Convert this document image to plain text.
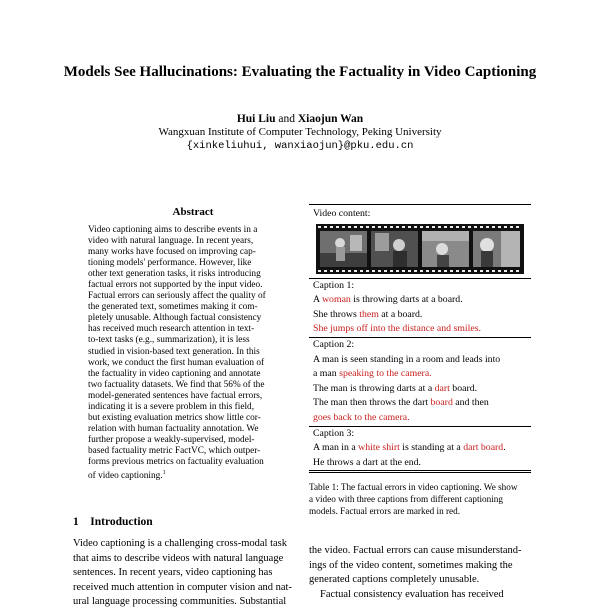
Models See Hallucinations: Evaluating the Factuality in Video Captioning
Hui Liu and Xiaojun Wan
Wangxuan Institute of Computer Technology, Peking University
{xinkeliuhui, wanxiaojun}@pku.edu.cn
Abstract
Video captioning aims to describe events in a
video with natural language. In recent years,
many works have focused on improving cap-
tioning models' performance. However, like
other text generation tasks, it risks introducing
factual errors not supported by the input video.
Factual errors can seriously affect the quality of
the generated text, sometimes making it com-
pletely unusable. Although factual consistency
has received much research attention in text-
to-text tasks (e.g., summarization), it is less
studied in vision-based text generation. In this
work, we conduct the first human evaluation of
the factuality in video captioning and annotate
two factuality datasets. We find that 56% of the
model-generated sentences have factual errors,
indicating it is a severe problem in this field,
but existing evaluation metrics show little cor-
relation with human factuality annotation. We
further propose a weakly-supervised, model-
based factuality metric FactVC, which outper-
forms previous metrics on factuality evaluation
of video captioning.$^1$
1 Introduction
Video captioning is a challenging cross-modal task
that aims to describe videos with natural language
sentences. In recent years, video captioning has
received much attention in computer vision and nat-
ural language processing communities. Substantial
Video content:
Caption 1:
A woman is throwing darts at a board.
She throws them at a board.
She jumps off into the distance and smiles.
Caption 2:
A man is seen standing in a room and leads into
a man speaking to the camera.
The man is throwing darts at a dart board.
The man then throws the dart board and then
goes back to the camera.
Caption 3:
A man in a white shirt is standing at a dart board.
He throws a dart at the end.
Table 1: The factual errors in video captioning. We show
a video with three captions from different captioning
models. Factual errors are marked in red.
the video. Factual errors can cause misunderstand-
ings of the video content, sometimes making the
generated captions completely unusable.
Factual consistency evaluation has received
